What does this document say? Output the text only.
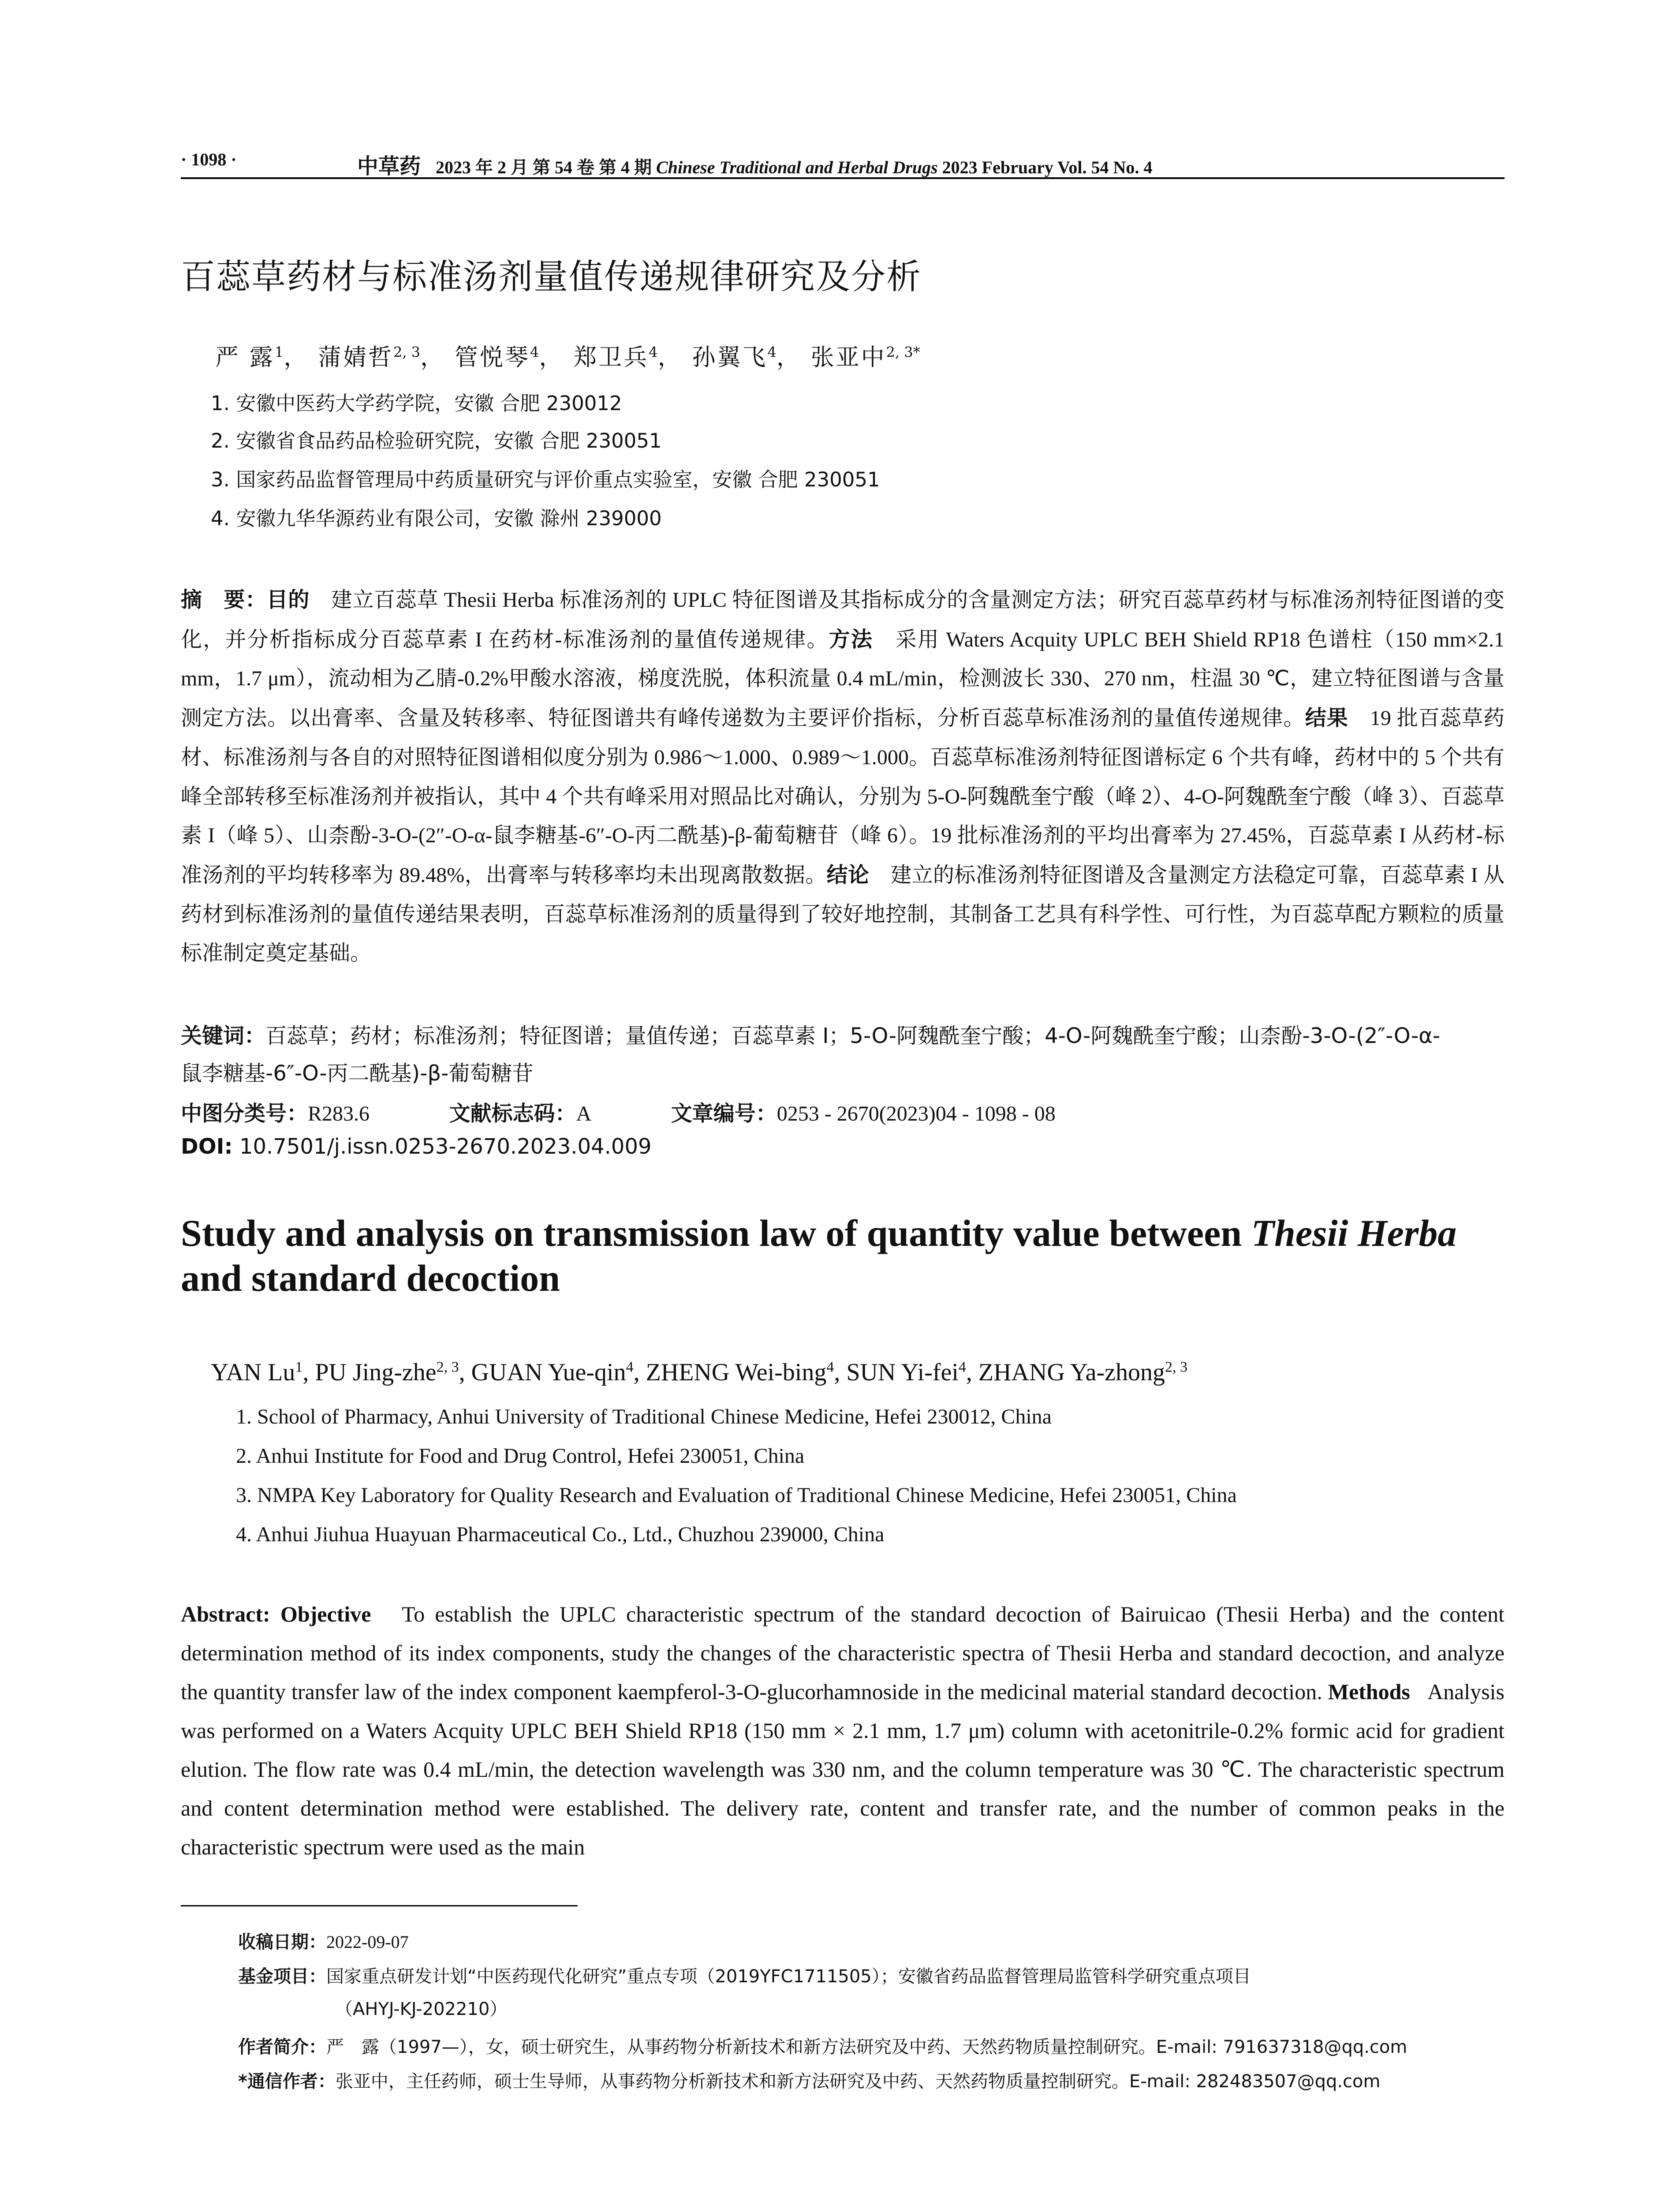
· 1098 ·	中草药 2023 年 2 月 第 54 卷 第 4 期 Chinese Traditional and Herbal Drugs 2023 February Vol. 54 No. 4
百蕊草药材与标准汤剂量值传递规律研究及分析
严 露$^1$， 蒲婧哲$^{2, 3}$， 管悦琴$^4$， 郑卫兵$^4$， 孙翼飞$^4$， 张亚中$^{2, 3*}$
1. 安徽中医药大学药学院，安徽 合肥 230012
2. 安徽省食品药品检验研究院，安徽 合肥 230051
3. 国家药品监督管理局中药质量研究与评价重点实验室，安徽 合肥 230051
4. 安徽九华华源药业有限公司，安徽 滁州 239000
摘　要：目的　 建立百蕊草 Thesii Herba 标准汤剂的 UPLC 特征图谱及其指标成分的含量测定方法；研究百蕊草药材与标准汤剂特征图谱的变化，并分析指标成分百蕊草素 I 在药材-标准汤剂的量值传递规律。方法　 采用 Waters Acquity UPLC BEH Shield RP18 色谱柱（150 mm×2.1 mm，1.7 μm），流动相为乙腈-0.2%甲酸水溶液，梯度洗脱，体积流量 0.4 mL/min，检测波长 330、270 nm，柱温 30 ℃，建立特征图谱与含量测定方法。以出膏率、含量及转移率、特征图谱共有峰传递数为主要评价指标，分析百蕊草标准汤剂的量值传递规律。结果　 19 批百蕊草药材、标准汤剂与各自的对照特征图谱相似度分别为 0.986～1.000、0.989～1.000。百蕊草标准汤剂特征图谱标定 6 个共有峰，药材中的 5 个共有峰全部转移至标准汤剂并被指认，其中 4 个共有峰采用对照品比对确认，分别为 5-O-阿魏酰奎宁酸（峰 2）、4-O-阿魏酰奎宁酸（峰 3）、百蕊草素 I（峰 5）、山柰酚-3-O-(2″-O-α-鼠李糖基-6″-O-丙二酰基)-β-葡萄糖苷（峰 6）。19 批标准汤剂的平均出膏率为 27.45%，百蕊草素 I 从药材-标准汤剂的平均转移率为 89.48%，出膏率与转移率均未出现离散数据。结论　 建立的标准汤剂特征图谱及含量测定方法稳定可靠，百蕊草素 I 从药材到标准汤剂的量值传递结果表明，百蕊草标准汤剂的质量得到了较好地控制，其制备工艺具有科学性、可行性，为百蕊草配方颗粒的质量标准制定奠定基础。
关键词：百蕊草；药材；标准汤剂；特征图谱；量值传递；百蕊草素 I；5-O-阿魏酰奎宁酸；4-O-阿魏酰奎宁酸；山柰酚-3-O-(2″-O-α-
鼠李糖基-6″-O-丙二酰基)-β-葡萄糖苷
中图分类号：R283.6	文献标志码：A	文章编号：0253 - 2670(2023)04 - 1098 - 08
DOI: 10.7501/j.issn.0253-2670.2023.04.009
Study and analysis on transmission law of quantity value between Thesii Herba and standard decoction
YAN Lu$^1$, PU Jing-zhe$^{2, 3}$, GUAN Yue-qin$^4$, ZHENG Wei-bing$^4$, SUN Yi-fei$^4$, ZHANG Ya-zhong$^{2, 3}$
1. School of Pharmacy, Anhui University of Traditional Chinese Medicine, Hefei 230012, China
2. Anhui Institute for Food and Drug Control, Hefei 230051, China
3. NMPA Key Laboratory for Quality Research and Evaluation of Traditional Chinese Medicine, Hefei 230051, China
4. Anhui Jiuhua Huayuan Pharmaceutical Co., Ltd., Chuzhou 239000, China
Abstract: Objective To establish the UPLC characteristic spectrum of the standard decoction of Bairuicao (Thesii Herba) and the content determination method of its index components, study the changes of the characteristic spectra of Thesii Herba and standard decoction, and analyze the quantity transfer law of the index component kaempferol-3-O-glucorhamnoside in the medicinal material standard decoction. Methods Analysis was performed on a Waters Acquity UPLC BEH Shield RP18 (150 mm × 2.1 mm, 1.7 μm) column with acetonitrile-0.2% formic acid for gradient elution. The flow rate was 0.4 mL/min, the detection wavelength was 330 nm, and the column temperature was 30 ℃. The characteristic spectrum and content determination method were established. The delivery rate, content and transfer rate, and the number of common peaks in the characteristic spectrum were used as the main
收稿日期：2022-09-07
基金项目：国家重点研发计划“中医药现代化研究”重点专项（2019YFC1711505）；安徽省药品监督管理局监管科学研究重点项目
（AHYJ-KJ-202210）
作者简介：严　露（1997—），女，硕士研究生，从事药物分析新技术和新方法研究及中药、天然药物质量控制研究。E-mail: 791637318@qq.com
*通信作者：张亚中，主任药师，硕士生导师，从事药物分析新技术和新方法研究及中药、天然药物质量控制研究。E-mail: 282483507@qq.com
